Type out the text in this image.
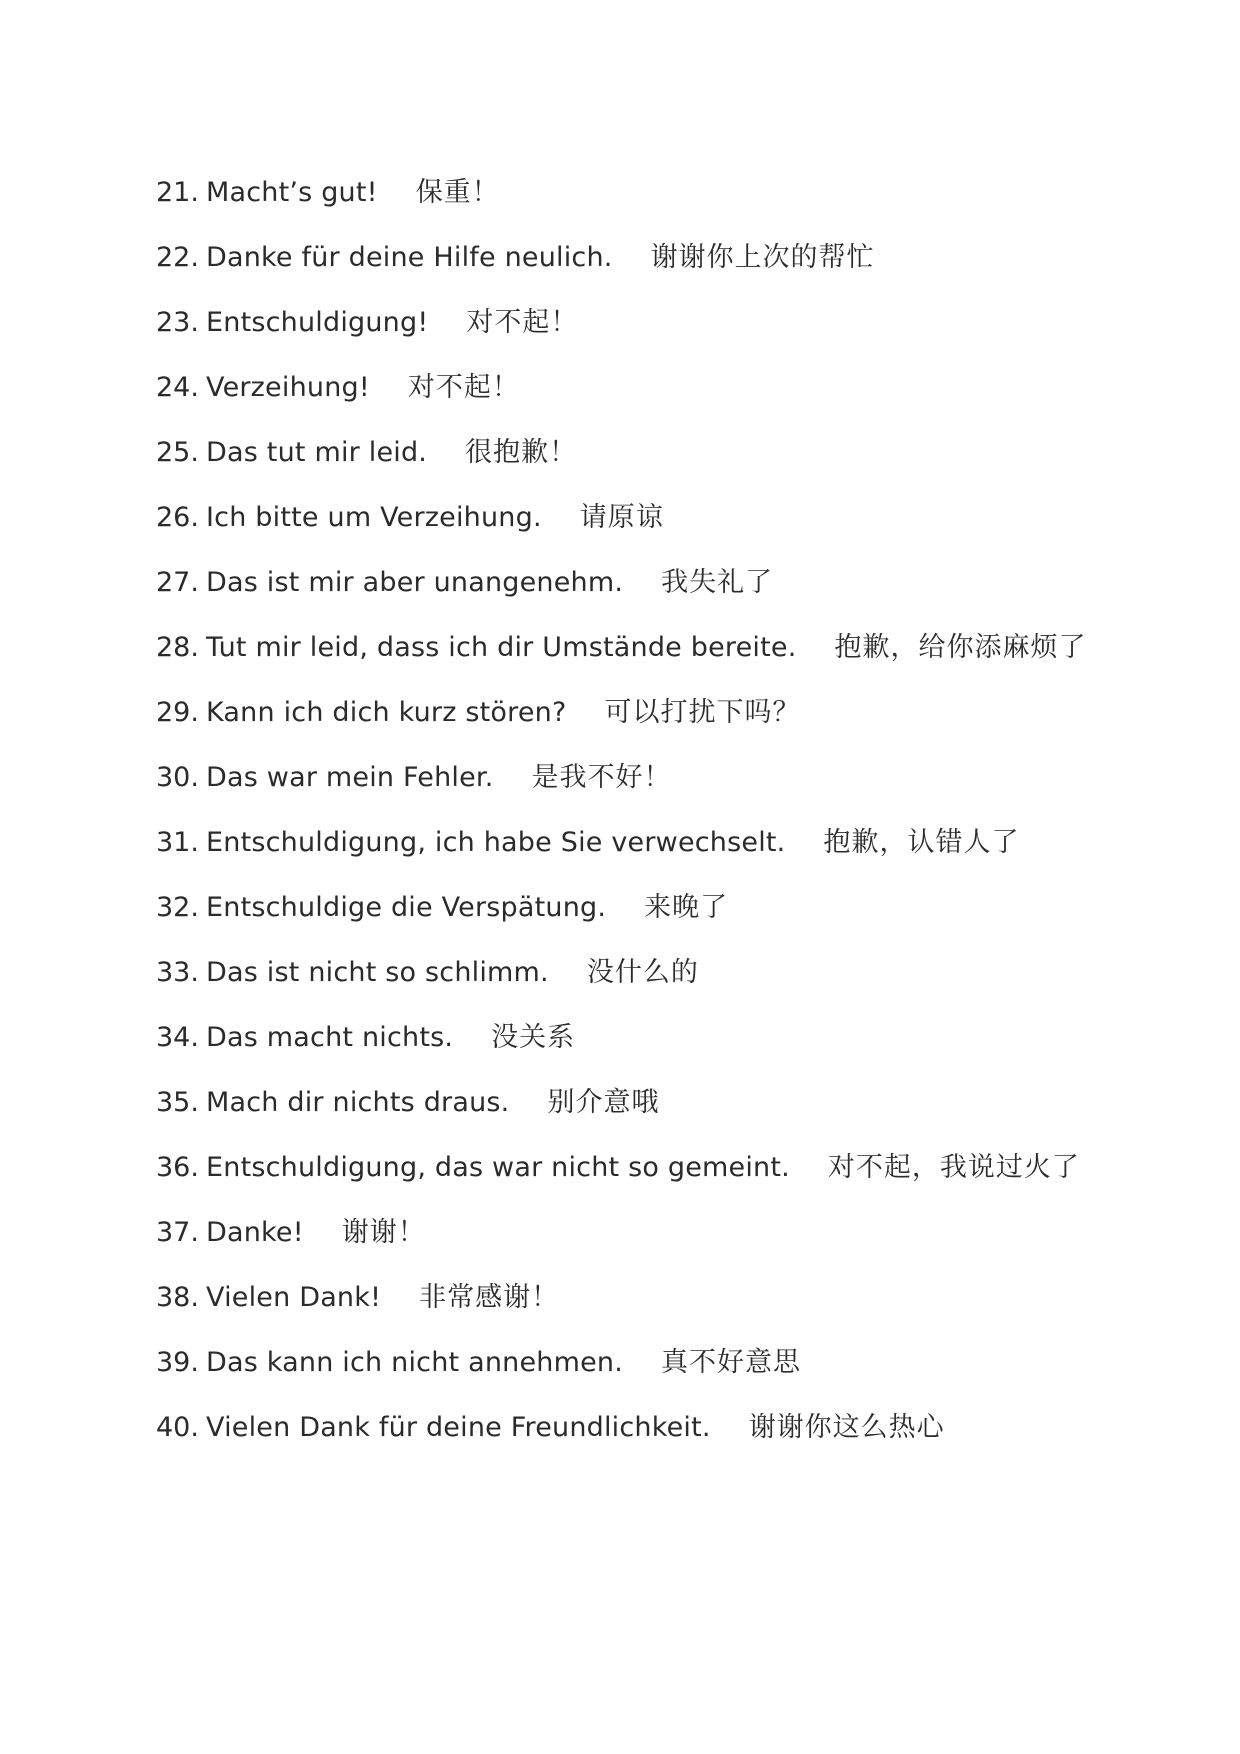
21. Macht’s gut! 保重！
22. Danke für deine Hilfe neulich. 谢谢你上次的帮忙
23. Entschuldigung! 对不起！
24. Verzeihung! 对不起！
25. Das tut mir leid. 很抱歉！
26. Ich bitte um Verzeihung. 请原谅
27. Das ist mir aber unangenehm. 我失礼了
28. Tut mir leid, dass ich dir Umstände bereite. 抱歉，给你添麻烦了
29. Kann ich dich kurz stören? 可以打扰下吗？
30. Das war mein Fehler. 是我不好！
31. Entschuldigung, ich habe Sie verwechselt. 抱歉，认错人了
32. Entschuldige die Verspätung. 来晚了
33. Das ist nicht so schlimm. 没什么的
34. Das macht nichts. 没关系
35. Mach dir nichts draus. 别介意哦
36. Entschuldigung, das war nicht so gemeint. 对不起，我说过火了
37. Danke! 谢谢！
38. Vielen Dank! 非常感谢！
39. Das kann ich nicht annehmen. 真不好意思
40. Vielen Dank für deine Freundlichkeit. 谢谢你这么热心
